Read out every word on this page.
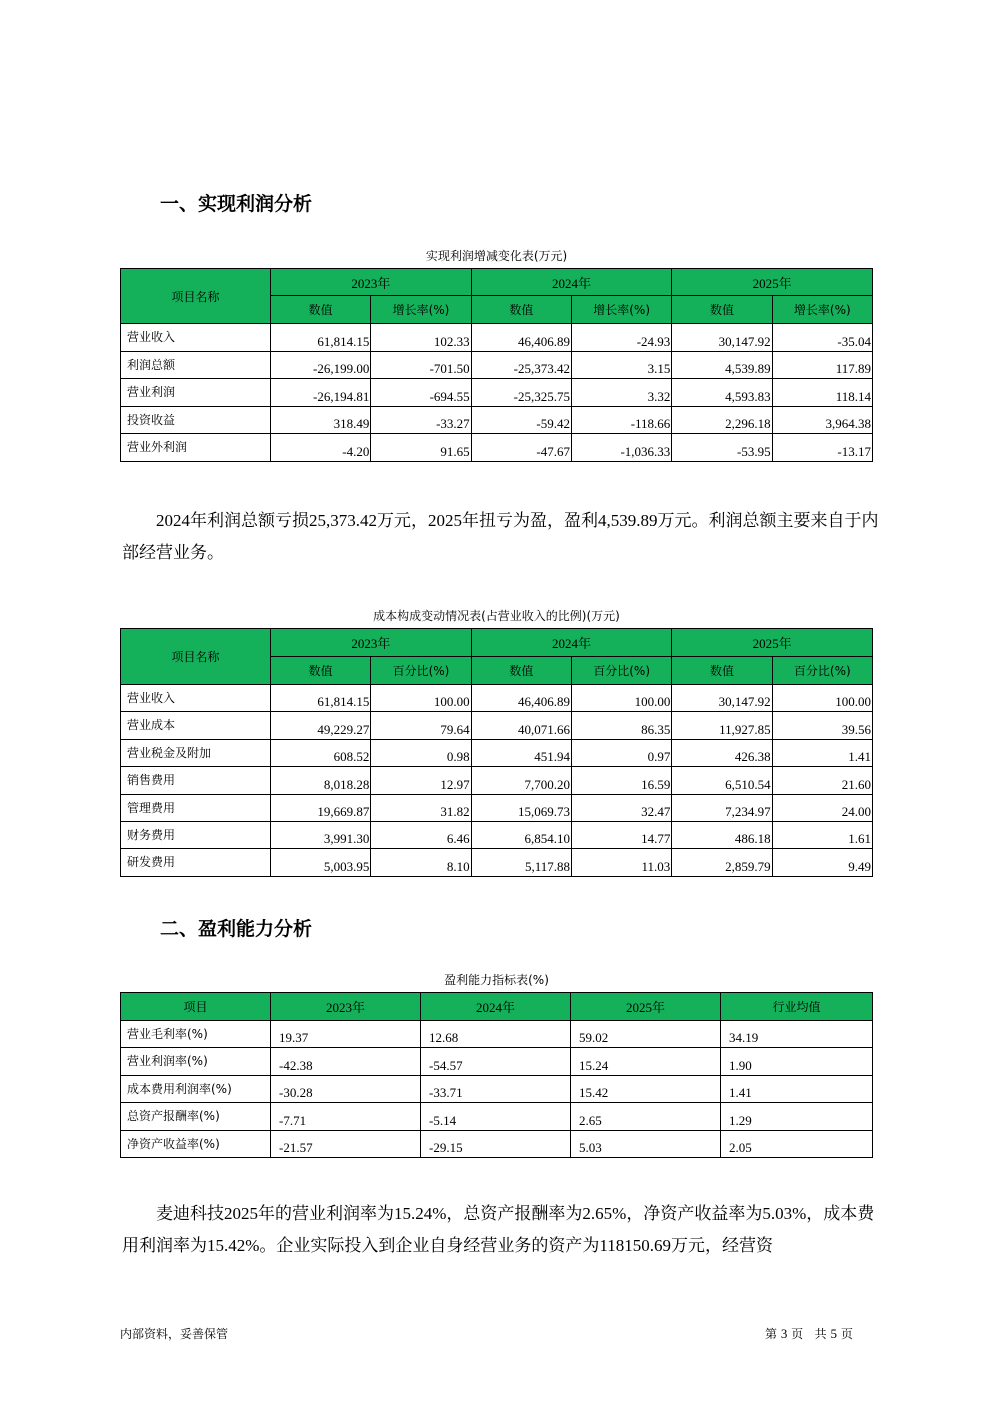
一、实现利润分析
实现利润增减变化表(万元)
项目名称	2023年		2024年		2025年	
	数值	增长率(%)	数值	增长率(%)	数值	增长率(%)
营业收入	61,814.15	102.33	46,406.89	-24.93	30,147.92	-35.04
利润总额	-26,199.00	-701.50	-25,373.42	3.15	4,539.89	117.89
营业利润	-26,194.81	-694.55	-25,325.75	3.32	4,593.83	118.14
投资收益	318.49	-33.27	-59.42	-118.66	2,296.18	3,964.38
营业外利润	-4.20	91.65	-47.67	-1,036.33	-53.95	-13.17
2024年利润总额亏损25,373.42万元，2025年扭亏为盈，盈利4,539.89万元。利润总额主要来自于内部经营业务。
成本构成变动情况表(占营业收入的比例)(万元)
项目名称	2023年		2024年		2025年	
	数值	百分比(%)	数值	百分比(%)	数值	百分比(%)
营业收入	61,814.15	100.00	46,406.89	100.00	30,147.92	100.00
营业成本	49,229.27	79.64	40,071.66	86.35	11,927.85	39.56
营业税金及附加	608.52	0.98	451.94	0.97	426.38	1.41
销售费用	8,018.28	12.97	7,700.20	16.59	6,510.54	21.60
管理费用	19,669.87	31.82	15,069.73	32.47	7,234.97	24.00
财务费用	3,991.30	6.46	6,854.10	14.77	486.18	1.61
研发费用	5,003.95	8.10	5,117.88	11.03	2,859.79	9.49
二、盈利能力分析
盈利能力指标表(%)
项目	2023年	2024年	2025年	行业均值
营业毛利率(%)	19.37	12.68	59.02	34.19
营业利润率(%)	-42.38	-54.57	15.24	1.90
成本费用利润率(%)	-30.28	-33.71	15.42	1.41
总资产报酬率(%)	-7.71	-5.14	2.65	1.29
净资产收益率(%)	-21.57	-29.15	5.03	2.05
麦迪科技2025年的营业利润率为15.24%，总资产报酬率为2.65%，净资产收益率为5.03%，成本费用利润率为15.42%。企业实际投入到企业自身经营业务的资产为118150.69万元，经营资
内部资料，妥善保管	第 3 页 共 5 页
